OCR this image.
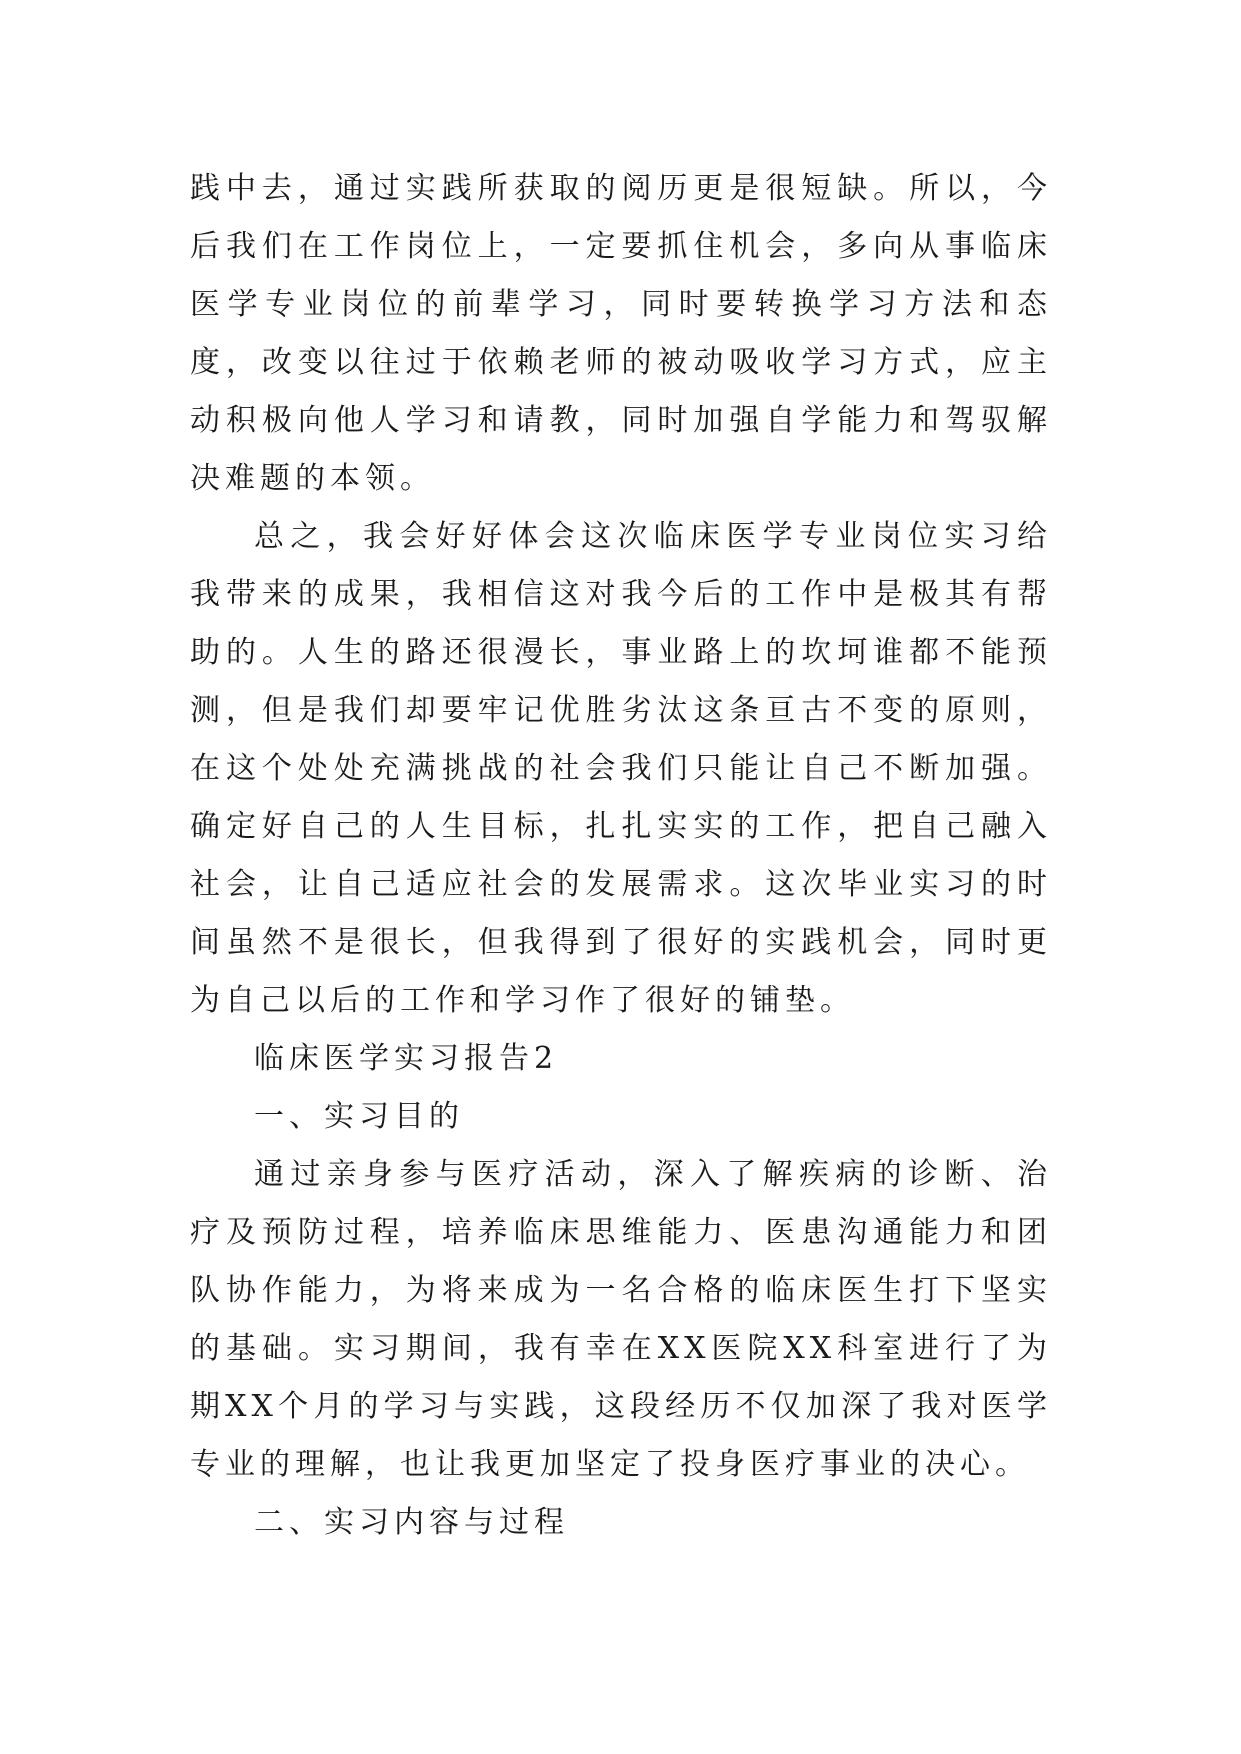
践中去，通过实践所获取的阅历更是很短缺。所以，今后我们在工作岗位上，一定要抓住机会，多向从事临床医学专业岗位的前辈学习，同时要转换学习方法和态度，改变以往过于依赖老师的被动吸收学习方式，应主动积极向他人学习和请教，同时加强自学能力和驾驭解决难题的本领。

总之，我会好好体会这次临床医学专业岗位实习给我带来的成果，我相信这对我今后的工作中是极其有帮助的。人生的路还很漫长，事业路上的坎坷谁都不能预测，但是我们却要牢记优胜劣汰这条亘古不变的原则，在这个处处充满挑战的社会我们只能让自己不断加强。确定好自己的人生目标，扎扎实实的工作，把自己融入社会，让自己适应社会的发展需求。这次毕业实习的时间虽然不是很长，但我得到了很好的实践机会，同时更为自己以后的工作和学习作了很好的铺垫。

临床医学实习报告2

一、实习目的

通过亲身参与医疗活动，深入了解疾病的诊断、治疗及预防过程，培养临床思维能力、医患沟通能力和团队协作能力，为将来成为一名合格的临床医生打下坚实的基础。实习期间，我有幸在XX医院XX科室进行了为期XX个月的学习与实践，这段经历不仅加深了我对医学专业的理解，也让我更加坚定了投身医疗事业的决心。

二、实习内容与过程
